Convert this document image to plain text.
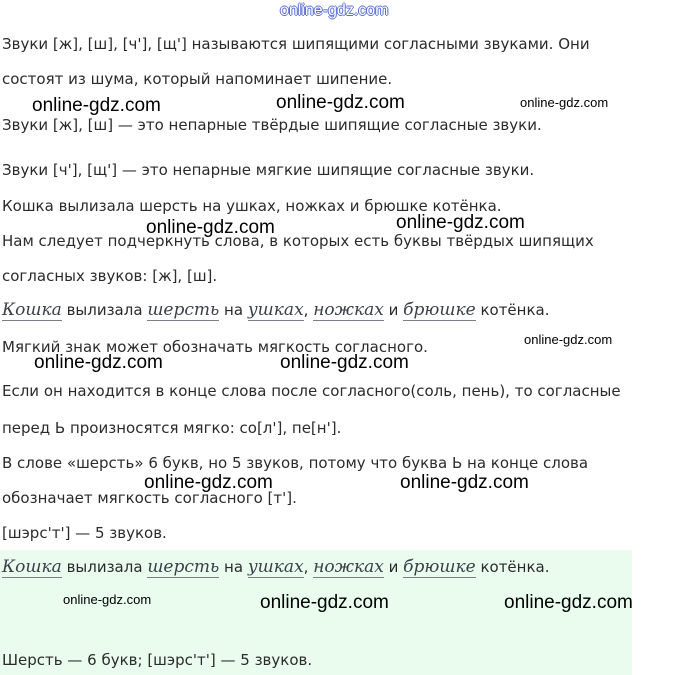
online-gdz.com
Звуки [ж], [ш], [ч'], [щ'] называются шипящими согласными звуками. Они
состоят из шума, который напоминает шипение.
Звуки [ж], [ш] — это непарные твёрдые шипящие согласные звуки.
Звуки [ч'], [щ'] — это непарные мягкие шипящие согласные звуки.
Кошка вылизала шерсть на ушках, ножках и брюшке котёнка.
Нам следует подчеркнуть слова, в которых есть буквы твёрдых шипящих
согласных звуков: [ж], [ш].
Кошка вылизала шерсть на ушках, ножках и брюшке котёнка.
Мягкий знак может обозначать мягкость согласного.
Если он находится в конце слова после согласного(соль, пень), то согласные
перед Ь произносятся мягко: со[л'], пе[н'].
В слове «шерсть» 6 букв, но 5 звуков, потому что буква Ь на конце слова
обозначает мягкость согласного [т'].
[шэрс'т'] — 5 звуков.
Кошка вылизала шерсть на ушках, ножках и брюшке котёнка.
Шерсть — 6 букв; [шэрс'т'] — 5 звуков.
online-gdz.com	online-gdz.com	online-gdz.com
online-gdz.com	online-gdz.com
online-gdz.com
online-gdz.com	online-gdz.com
online-gdz.com	online-gdz.com
online-gdz.com	online-gdz.com	online-gdz.com
